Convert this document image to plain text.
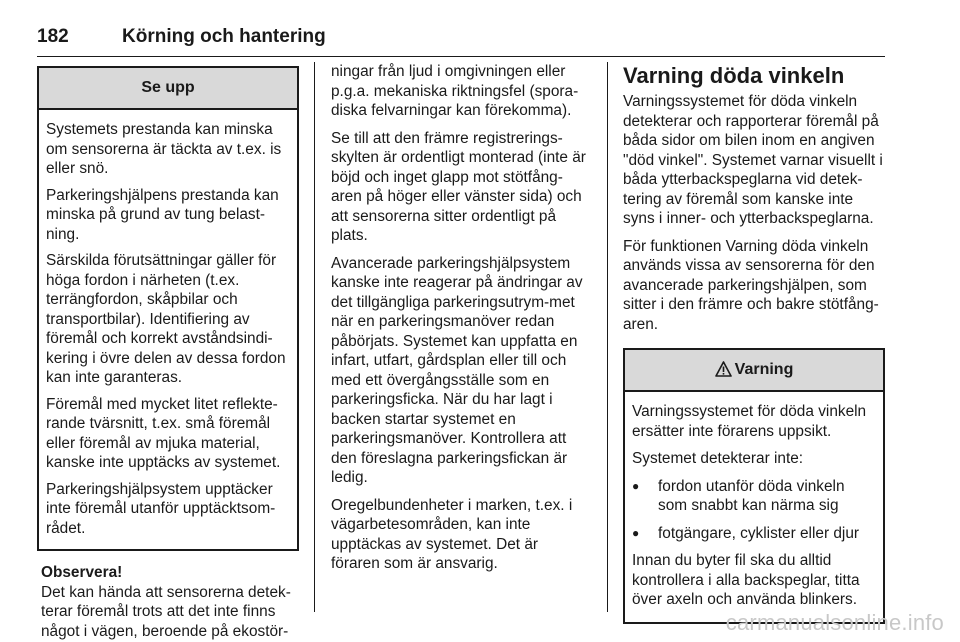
182	Körning och hantering
Se upp

Systemets prestanda kan minska om sensorerna är täckta av t.ex. is eller snö.

Parkeringshjälpens prestanda kan minska på grund av tung belast-ning.

Särskilda förutsättningar gäller för höga fordon i närheten (t.ex. terrängfordon, skåpbilar och transportbilar). Identifiering av föremål och korrekt avståndsindi-kering i övre delen av dessa fordon kan inte garanteras.

Föremål med mycket litet reflekte-rande tvärsnitt, t.ex. små föremål eller föremål av mjuka material, kanske inte upptäcks av systemet.

Parkeringshjälpsystem upptäcker inte föremål utanför upptäcktsom-rådet.

Observera!
Det kan hända att sensorerna detek-terar föremål trots att det inte finns något i vägen, beroende på ekostör-

ningar från ljud i omgivningen eller p.g.a. mekaniska riktningsfel (spora-diska felvarningar kan förekomma).

Se till att den främre registrerings-skylten är ordentligt monterad (inte är böjd och inget glapp mot stötfång-aren på höger eller vänster sida) och att sensorerna sitter ordentligt på plats.

Avancerade parkeringshjälpsystem kanske inte reagerar på ändringar av det tillgängliga parkeringsutrym-met när en parkeringsmanöver redan påbörjats. Systemet kan uppfatta en infart, utfart, gårdsplan eller till och med ett övergångsställe som en parkeringsficka. När du har lagt i backen startar systemet en parkeringsmanöver. Kontrollera att den föreslagna parkeringsfickan är ledig.

Oregelbundenheter i marken, t.ex. i vägarbetesområden, kan inte upptäckas av systemet. Det är föraren som är ansvarig.

Varning döda vinkeln

Varningssystemet för döda vinkeln detekterar och rapporterar föremål på båda sidor om bilen inom en angiven "död vinkel". Systemet varnar visuellt i båda ytterbackspeglarna vid detek-tering av föremål som kanske inte syns i inner- och ytterbackspeglarna.

För funktionen Varning döda vinkeln används vissa av sensorerna för den avancerade parkeringshjälpen, som sitter i den främre och bakre stötfång-aren.

Varning

Varningssystemet för döda vinkeln ersätter inte förarens uppsikt.

Systemet detekterar inte:

● fordon utanför döda vinkeln som snabbt kan närma sig
● fotgängare, cyklister eller djur

Innan du byter fil ska du alltid kontrollera i alla backspeglar, titta över axeln och använda blinkers.

carmanualsonline.info
